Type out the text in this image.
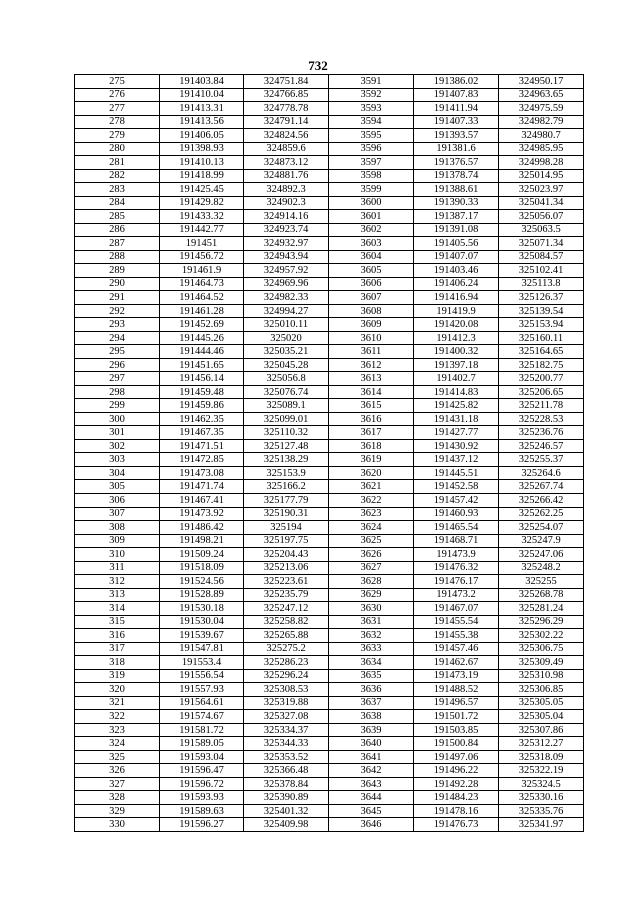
732
275	191403.84	324751.84	3591	191386.02	324950.17
276	191410.04	324766.85	3592	191407.83	324963.65
277	191413.31	324778.78	3593	191411.94	324975.59
278	191413.56	324791.14	3594	191407.33	324982.79
279	191406.05	324824.56	3595	191393.57	324980.7
280	191398.93	324859.6	3596	191381.6	324985.95
281	191410.13	324873.12	3597	191376.57	324998.28
282	191418.99	324881.76	3598	191378.74	325014.95
283	191425.45	324892.3	3599	191388.61	325023.97
284	191429.82	324902.3	3600	191390.33	325041.34
285	191433.32	324914.16	3601	191387.17	325056.07
286	191442.77	324923.74	3602	191391.08	325063.5
287	191451	324932.97	3603	191405.56	325071.34
288	191456.72	324943.94	3604	191407.07	325084.57
289	191461.9	324957.92	3605	191403.46	325102.41
290	191464.73	324969.96	3606	191406.24	325113.8
291	191464.52	324982.33	3607	191416.94	325126.37
292	191461.28	324994.27	3608	191419.9	325139.54
293	191452.69	325010.11	3609	191420.08	325153.94
294	191445.26	325020	3610	191412.3	325160.11
295	191444.46	325035.21	3611	191400.32	325164.65
296	191451.65	325045.28	3612	191397.18	325182.75
297	191456.14	325056.8	3613	191402.7	325200.77
298	191459.48	325076.74	3614	191414.83	325206.65
299	191459.86	325089.1	3615	191425.82	325211.78
300	191462.35	325099.01	3616	191431.18	325228.53
301	191467.35	325110.32	3617	191427.77	325236.76
302	191471.51	325127.48	3618	191430.92	325246.57
303	191472.85	325138.29	3619	191437.12	325255.37
304	191473.08	325153.9	3620	191445.51	325264.6
305	191471.74	325166.2	3621	191452.58	325267.74
306	191467.41	325177.79	3622	191457.42	325266.42
307	191473.92	325190.31	3623	191460.93	325262.25
308	191486.42	325194	3624	191465.54	325254.07
309	191498.21	325197.75	3625	191468.71	325247.9
310	191509.24	325204.43	3626	191473.9	325247.06
311	191518.09	325213.06	3627	191476.32	325248.2
312	191524.56	325223.61	3628	191476.17	325255
313	191528.89	325235.79	3629	191473.2	325268.78
314	191530.18	325247.12	3630	191467.07	325281.24
315	191530.04	325258.82	3631	191455.54	325296.29
316	191539.67	325265.88	3632	191455.38	325302.22
317	191547.81	325275.2	3633	191457.46	325306.75
318	191553.4	325286.23	3634	191462.67	325309.49
319	191556.54	325296.24	3635	191473.19	325310.98
320	191557.93	325308.53	3636	191488.52	325306.85
321	191564.61	325319.88	3637	191496.57	325305.05
322	191574.67	325327.08	3638	191501.72	325305.04
323	191581.72	325334.37	3639	191503.85	325307.86
324	191589.05	325344.33	3640	191500.84	325312.27
325	191593.04	325353.52	3641	191497.06	325318.09
326	191596.47	325366.48	3642	191496.22	325322.19
327	191596.72	325378.84	3643	191492.28	325324.5
328	191593.93	325390.89	3644	191484.23	325330.16
329	191589.63	325401.32	3645	191478.16	325335.76
330	191596.27	325409.98	3646	191476.73	325341.97
